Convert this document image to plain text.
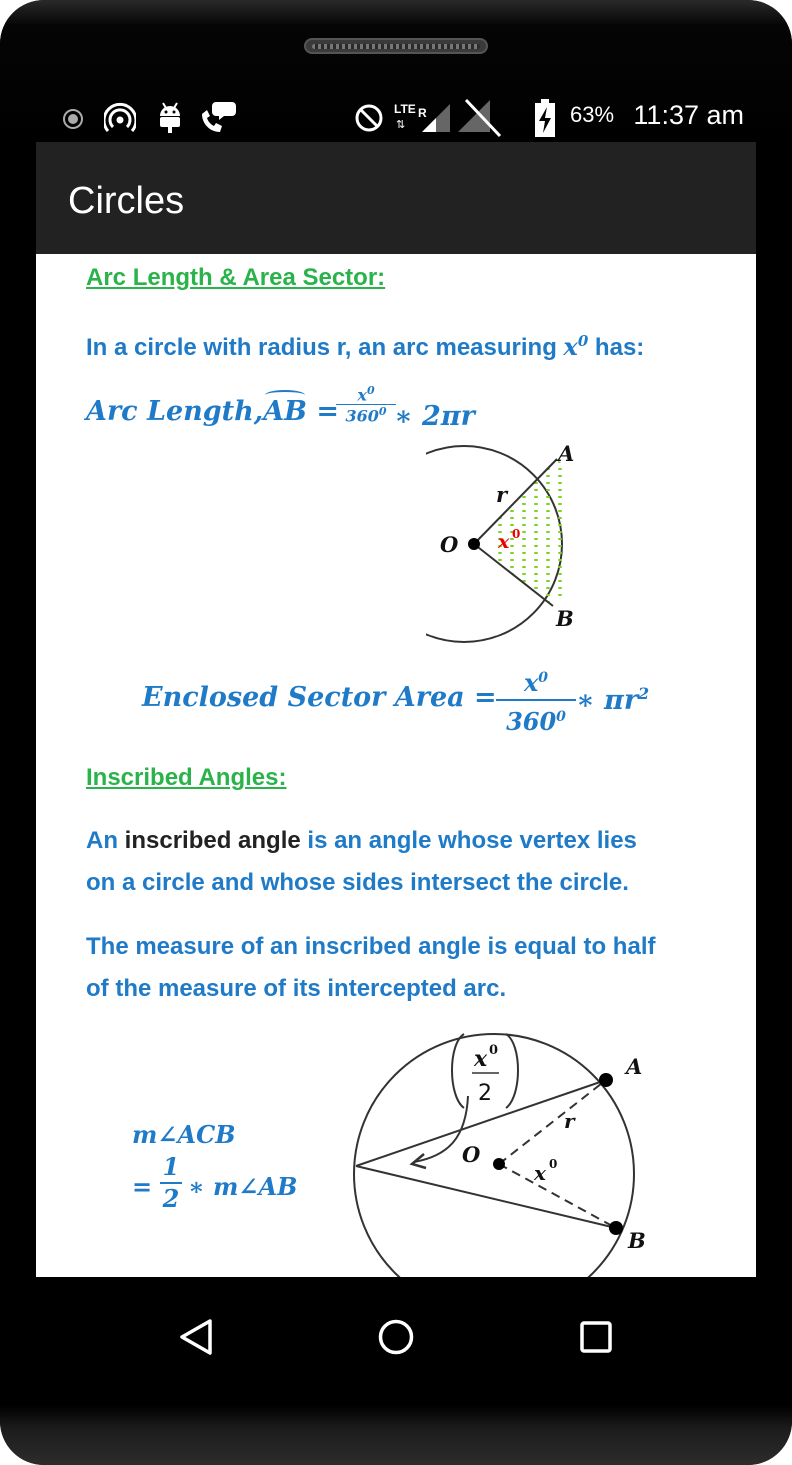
LTE
⇅
R	63% 11:37 am
Circles
Arc Length & Area Sector:
In a circle with radius r, an arc measuring $x^0$ has:
Arc Length,
AB =
$\frac{x^0}{360^0}$
∗ 2πr
O
r
x 0
A
B
Enclosed Sector Area = $\frac{x^0}{360^0}$ ∗ $\pi r^2$
Inscribed Angles:
An inscribed angle is an angle whose vertex lies
on a circle and whose sides intersect the circle.
The measure of an inscribed angle is equal to half
of the measure of its intercepted arc.
m∠ACB
= $\frac{1}{2}$ ∗ m∠AB
x 0
2
O
r
x 0
A
B
